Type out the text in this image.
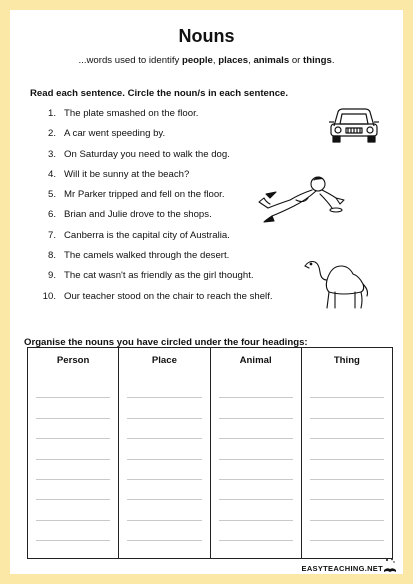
Nouns
...words used to identify people, places, animals or things.
Read each sentence. Circle the noun/s in each sentence.
1. The plate smashed on the floor.
2. A car went speeding by.
3. On Saturday you need to walk the dog.
4. Will it be sunny at the beach?
5. Mr Parker tripped and fell on the floor.
6. Brian and Julie drove to the shops.
7. Canberra is the capital city of Australia.
8. The camels walked through the desert.
9. The cat wasn't as friendly as the girl thought.
10. Our teacher stood on the chair to reach the shelf.
Organise the nouns you have circled under the four headings:
Person	Place	Animal	Thing
EASYTEACHING.NET
